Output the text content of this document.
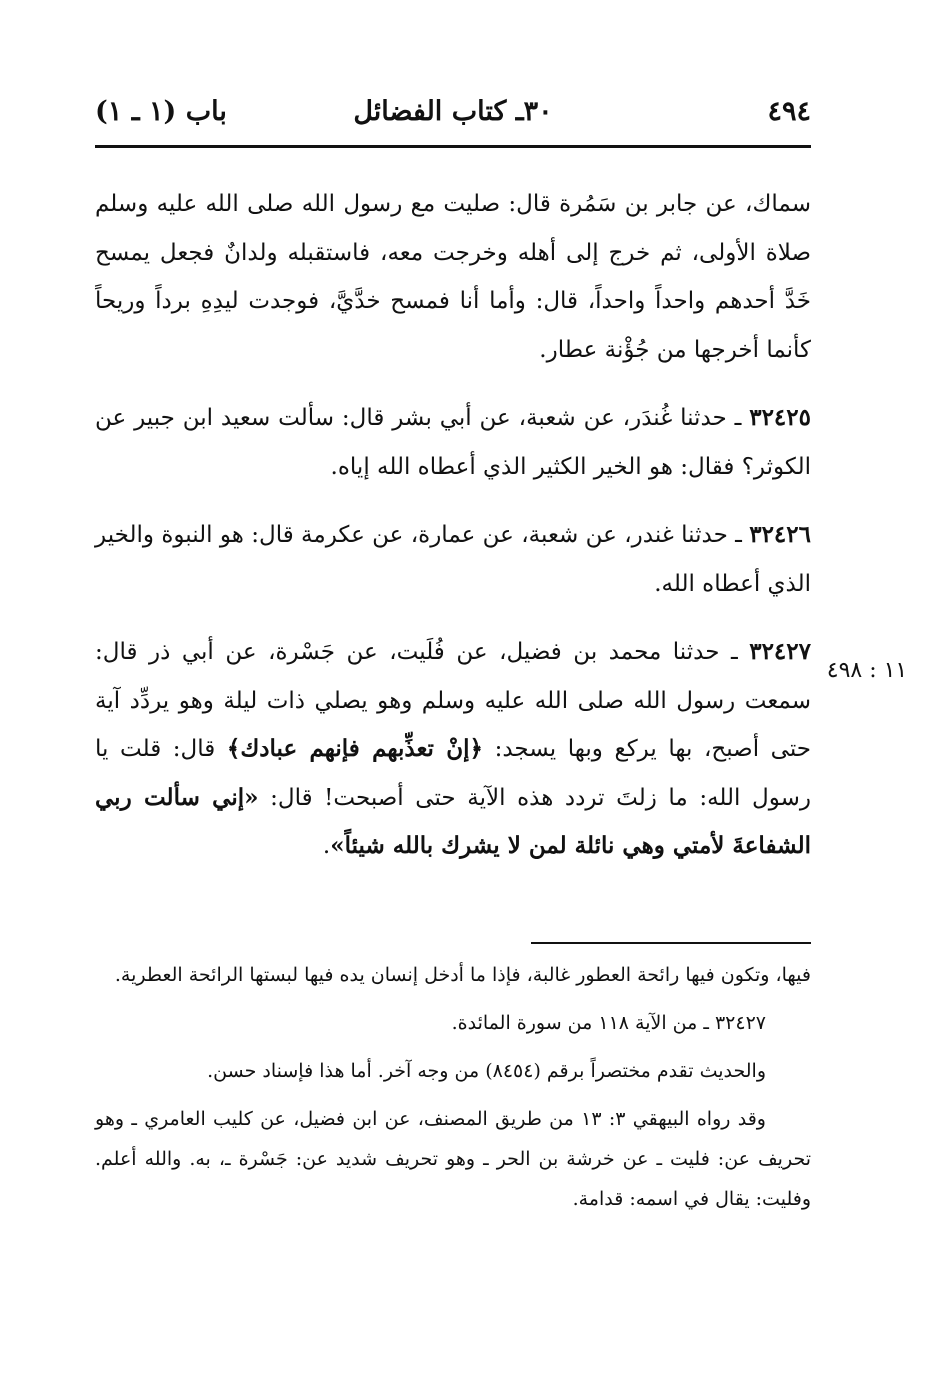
٤٩٤
٣٠ـ كتاب الفضائل
باب (١ ـ ١)

سماك، عن جابر بن سَمُرة قال: صليت مع رسول الله صلى الله عليه وسلم صلاة الأولى، ثم خرج إلى أهله وخرجت معه، فاستقبله ولدانٌ فجعل يمسح خَدَّ أحدهم واحداً واحداً، قال: وأما أنا فمسح خدَّيَّ، فوجدت ليدِهِ برداً وريحاً كأنما أخرجها من جُؤْنة عطار.

٣٢٤٢٥ ـ حدثنا غُندَر، عن شعبة، عن أبي بشر قال: سألت سعيد ابن جبير عن الكوثر؟ فقال: هو الخير الكثير الذي أعطاه الله إياه.

٣٢٤٢٦ ـ حدثنا غندر، عن شعبة، عن عمارة، عن عكرمة قال: هو النبوة والخير الذي أعطاه الله.

٣٢٤٢٧ ـ حدثنا محمد بن فضيل، عن فُلَيت، عن جَسْرة، عن أبي ذر قال: سمعت رسول الله صلى الله عليه وسلم وهو يصلي ذات ليلة وهو يردِّد آية حتى أصبح، بها يركع وبها يسجد: ﴿إنْ تعذِّبهم فإنهم عبادك﴾ قال: قلت يا رسول الله: ما زلتَ تردد هذه الآية حتى أصبحت! قال: «إني سألت ربي الشفاعةَ لأمتي وهي نائلة لمن لا يشرك بالله شيئاً».

١١ : ٤٩٨

فيها، وتكون فيها رائحة العطور غالبة، فإذا ما أدخل إنسان يده فيها لبستها الرائحة العطرية.

٣٢٤٢٧ ـ من الآية ١١٨ من سورة المائدة.

والحديث تقدم مختصراً برقم (٨٤٥٤) من وجه آخر. أما هذا فإسناد حسن.

وقد رواه البيهقي ٣: ١٣ من طريق المصنف، عن ابن فضيل، عن كليب العامري ـ وهو تحريف عن: فليت ـ عن خرشة بن الحر ـ وهو تحريف شديد عن: جَسْرة ـ، به. والله أعلم. وفليت: يقال في اسمه: قدامة.
